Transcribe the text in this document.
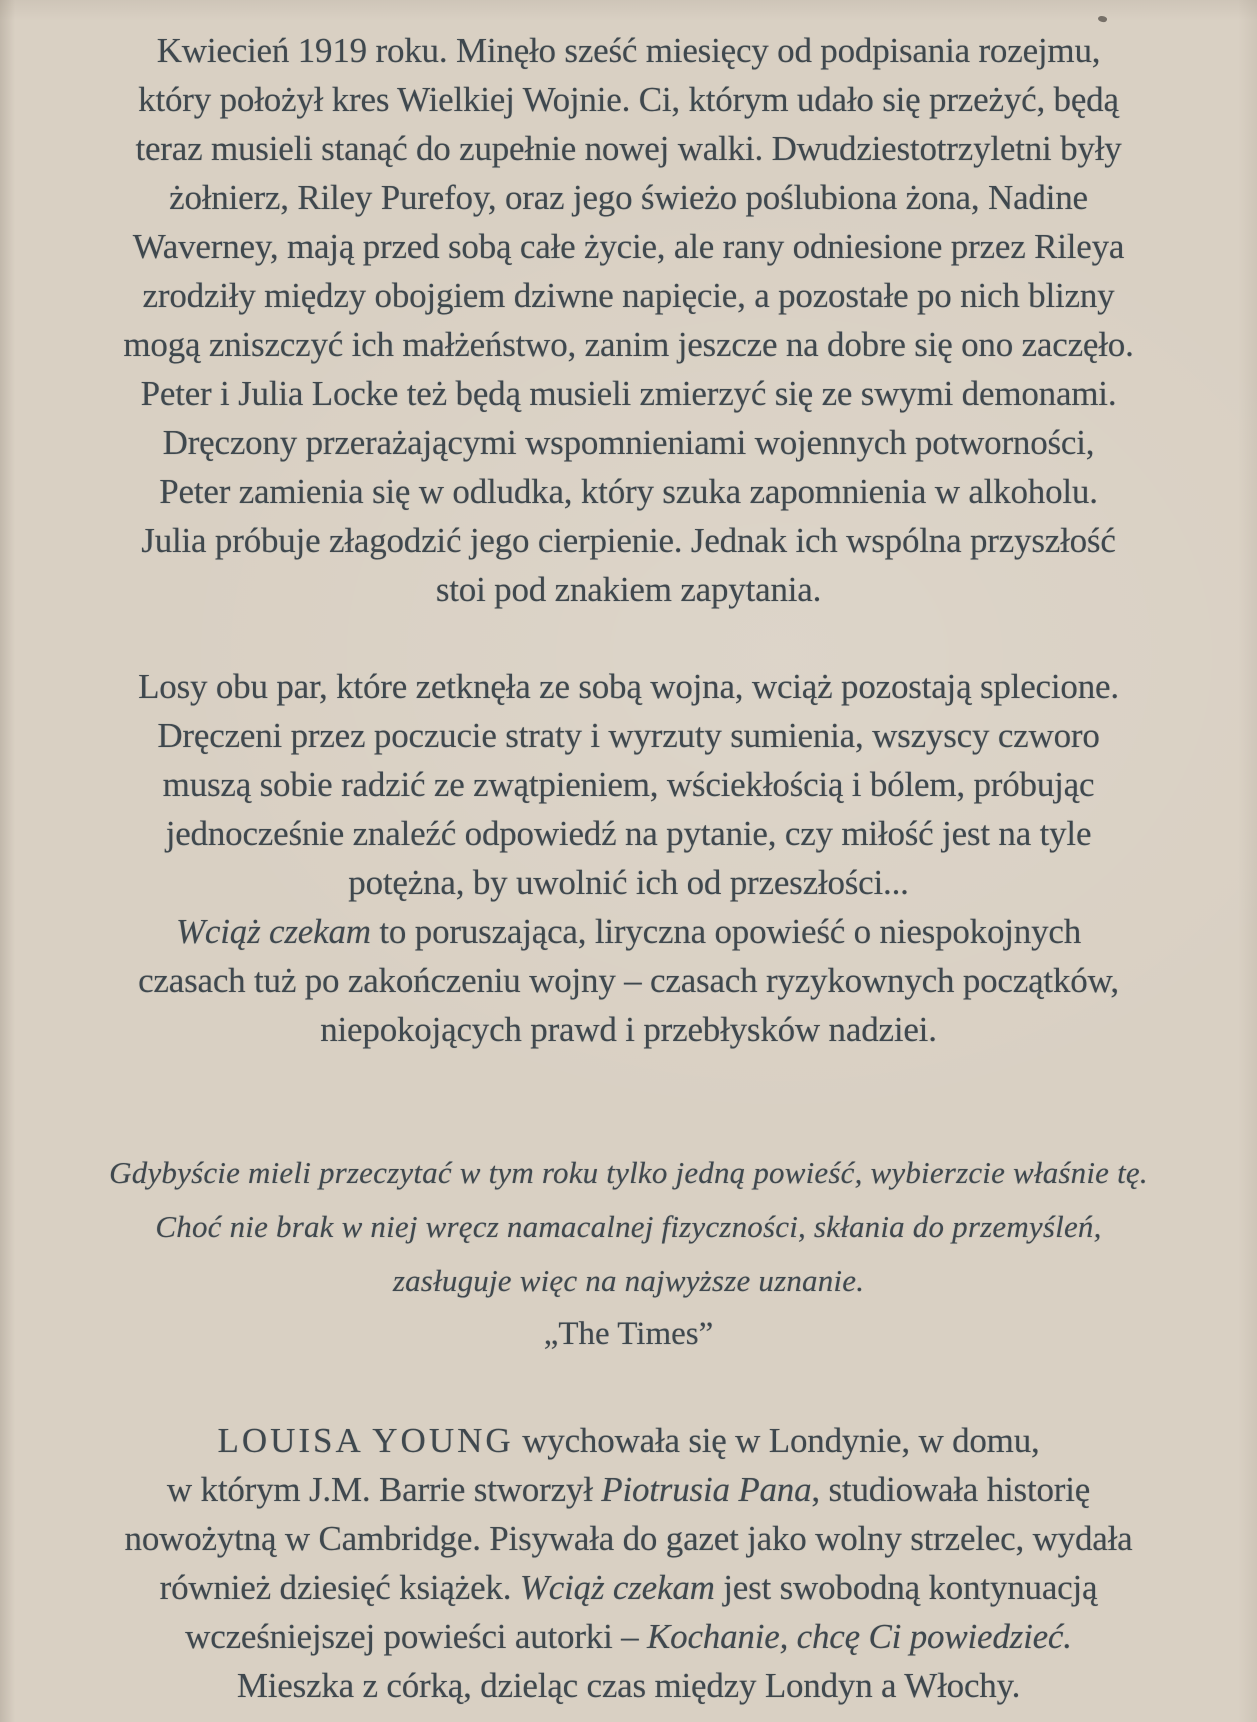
Kwiecień 1919 roku. Minęło sześć miesięcy od podpisania rozejmu,
który położył kres Wielkiej Wojnie. Ci, którym udało się przeżyć, będą
teraz musieli stanąć do zupełnie nowej walki. Dwudziestotrzyletni były
żołnierz, Riley Purefoy, oraz jego świeżo poślubiona żona, Nadine
Waverney, mają przed sobą całe życie, ale rany odniesione przez Rileya
zrodziły między obojgiem dziwne napięcie, a pozostałe po nich blizny
mogą zniszczyć ich małżeństwo, zanim jeszcze na dobre się ono zaczęło.
Peter i Julia Locke też będą musieli zmierzyć się ze swymi demonami.
Dręczony przerażającymi wspomnieniami wojennych potworności,
Peter zamienia się w odludka, który szuka zapomnienia w alkoholu.
Julia próbuje złagodzić jego cierpienie. Jednak ich wspólna przyszłość
stoi pod znakiem zapytania.
Losy obu par, które zetknęła ze sobą wojna, wciąż pozostają splecione.
Dręczeni przez poczucie straty i wyrzuty sumienia, wszyscy czworo
muszą sobie radzić ze zwątpieniem, wściekłością i bólem, próbując
jednocześnie znaleźć odpowiedź na pytanie, czy miłość jest na tyle
potężna, by uwolnić ich od przeszłości...
Wciąż czekam to poruszająca, liryczna opowieść o niespokojnych
czasach tuż po zakończeniu wojny – czasach ryzykownych początków,
niepokojących prawd i przebłysków nadziei.
Gdybyście mieli przeczytać w tym roku tylko jedną powieść, wybierzcie właśnie tę.
Choć nie brak w niej wręcz namacalnej fizyczności, skłania do przemyśleń,
zasługuje więc na najwyższe uznanie.
„The Times”
LOUISA YOUNG wychowała się w Londynie, w domu,
w którym J.M. Barrie stworzył Piotrusia Pana, studiowała historię
nowożytną w Cambridge. Pisywała do gazet jako wolny strzelec, wydała
również dziesięć książek. Wciąż czekam jest swobodną kontynuacją
wcześniejszej powieści autorki – Kochanie, chcę Ci powiedzieć.
Mieszka z córką, dzieląc czas między Londyn a Włochy.
